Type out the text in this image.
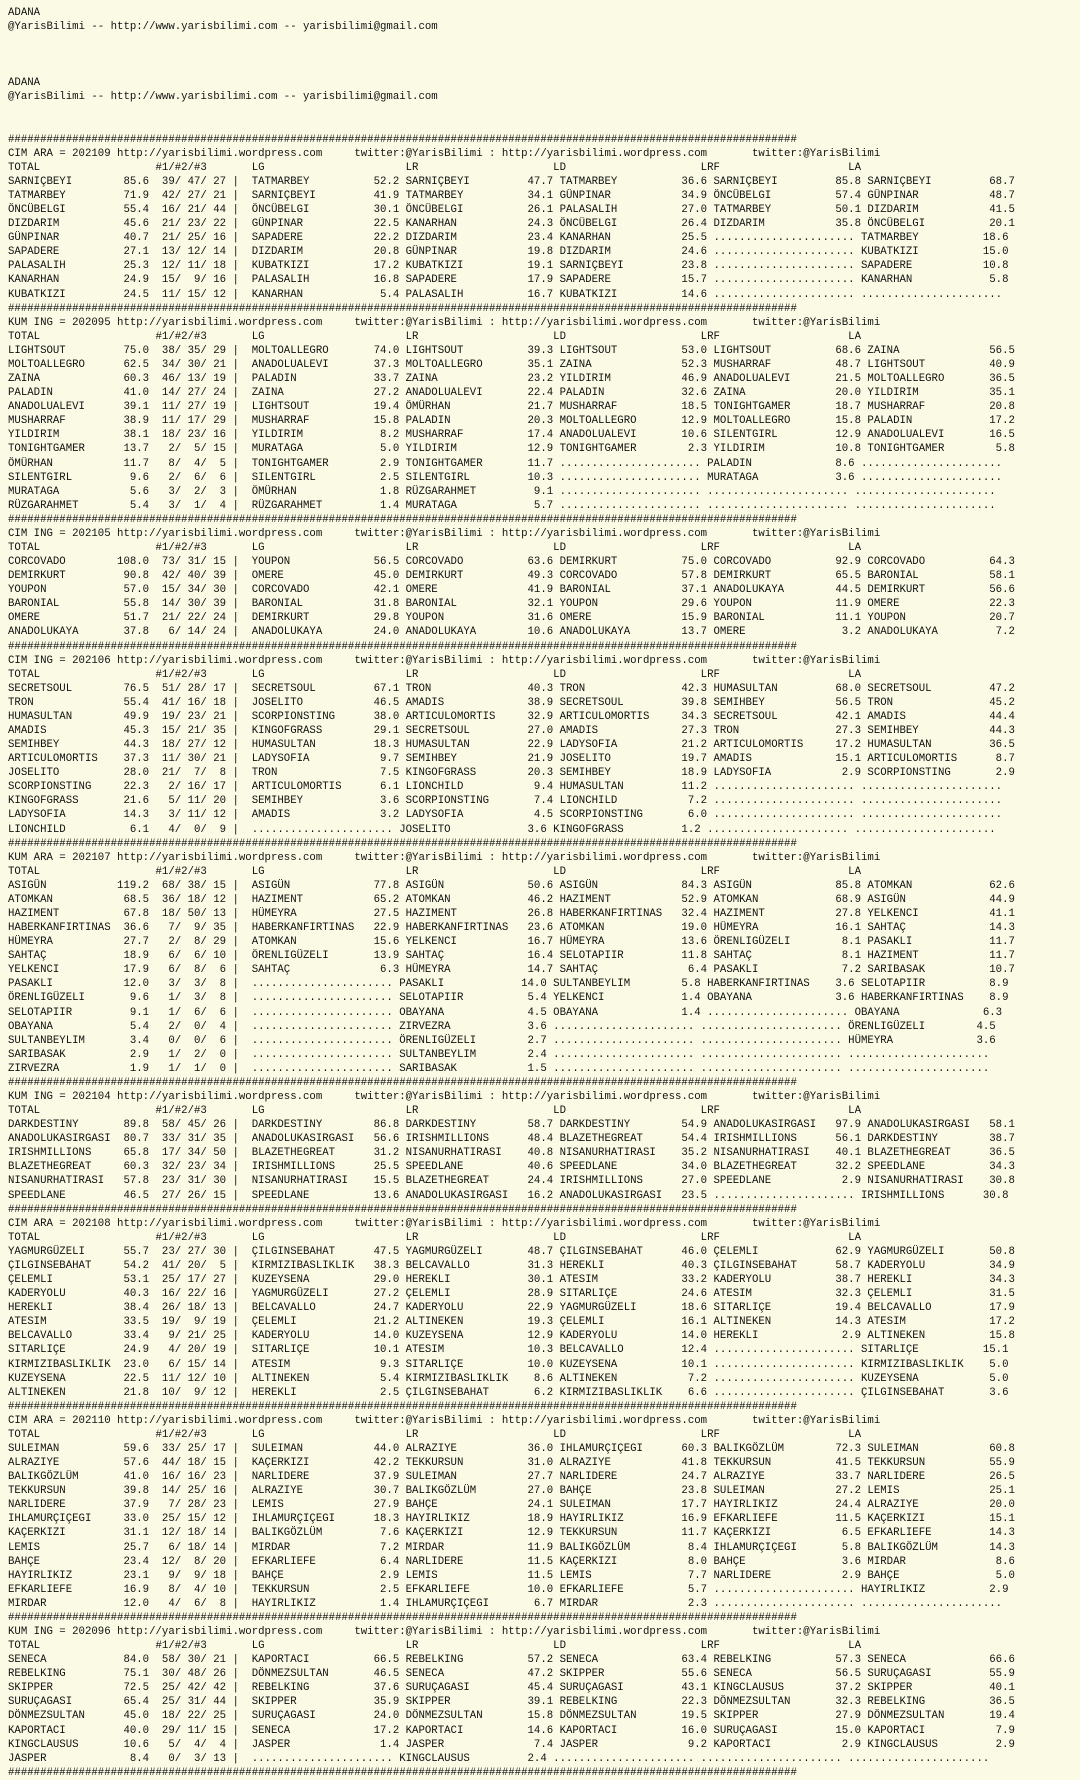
ADANA
@YarisBilimi -- http://www.yarisbilimi.com -- yarisbilimi@gmail.com

ADANA
@YarisBilimi -- http://www.yarisbilimi.com -- yarisbilimi@gmail.com

###########################################################################################################################
CIM ARA = 202109 http://yarisbilimi.wordpress.com     twitter:@YarisBilimi : http://yarisbilimi.wordpress.com       twitter:@YarisBilimi
TOTAL                  #1/#2/#3       LG                      LR                     LD                     LRF                    LA
SARNIÇBEYI        85.6  39/ 47/ 27 |  TATMARBEY          52.2 SARNIÇBEYI         47.7 TATMARBEY          36.6 SARNIÇBEYI         85.8 SARNIÇBEYI         68.7
TATMARBEY         71.9  42/ 27/ 21 |  SARNIÇBEYI         41.9 TATMARBEY          34.1 GÜNPINAR           34.9 ÖNCÜBELGI          57.4 GÜNPINAR           48.7
ÖNCÜBELGI         55.4  16/ 21/ 44 |  ÖNCÜBELGI          30.1 ÖNCÜBELGI          26.1 PALASALIH          27.0 TATMARBEY          50.1 DIZDARIM           41.5
DIZDARIM          45.6  21/ 23/ 22 |  GÜNPINAR           22.5 KANARHAN           24.3 ÖNCÜBELGI          26.4 DIZDARIM           35.8 ÖNCÜBELGI          20.1
GÜNPINAR          40.7  21/ 25/ 16 |  SAPADERE           22.2 DIZDARIM           23.4 KANARHAN           25.5 ...................... TATMARBEY          18.6
SAPADERE          27.1  13/ 12/ 14 |  DIZDARIM           20.8 GÜNPINAR           19.8 DIZDARIM           24.6 ...................... KUBATKIZI          15.0
PALASALIH         25.3  12/ 11/ 18 |  KUBATKIZI          17.2 KUBATKIZI          19.1 SARNIÇBEYI         23.8 ...................... SAPADERE           10.8
KANARHAN          24.9  15/  9/ 16 |  PALASALIH          16.8 SAPADERE           17.9 SAPADERE           15.7 ...................... KANARHAN            5.8
KUBATKIZI         24.5  11/ 15/ 12 |  KANARHAN            5.4 PALASALIH          16.7 KUBATKIZI          14.6 ...................... ......................
###########################################################################################################################
KUM ING = 202095 http://yarisbilimi.wordpress.com     twitter:@YarisBilimi : http://yarisbilimi.wordpress.com       twitter:@YarisBilimi
TOTAL                  #1/#2/#3       LG                      LR                     LD                     LRF                    LA
LIGHTSOUT         75.0  38/ 35/ 29 |  MOLTOALLEGRO       74.0 LIGHTSOUT          39.3 LIGHTSOUT          53.0 LIGHTSOUT          68.6 ZAINA              56.5
MOLTOALLEGRO      62.5  34/ 30/ 21 |  ANADOLUALEVI       37.3 MOLTOALLEGRO       35.1 ZAINA              52.3 MUSHARRAF          48.7 LIGHTSOUT          40.9
ZAINA             60.3  46/ 13/ 19 |  PALADIN            33.7 ZAINA              23.2 YILDIRIM           46.9 ANADOLUALEVI       21.5 MOLTOALLEGRO       36.5
PALADIN           41.0  14/ 27/ 24 |  ZAINA              27.2 ANADOLUALEVI       22.4 PALADIN            32.6 ZAINA              20.0 YILDIRIM           35.1
ANADOLUALEVI      39.1  11/ 27/ 19 |  LIGHTSOUT          19.4 ÖMÜRHAN            21.7 MUSHARRAF          18.5 TONIGHTGAMER       18.7 MUSHARRAF          20.8
MUSHARRAF         38.9  11/ 17/ 29 |  MUSHARRAF          15.8 PALADIN            20.3 MOLTOALLEGRO       12.9 MOLTOALLEGRO       15.8 PALADIN            17.2
YILDIRIM          38.1  18/ 23/ 16 |  YILDIRIM            8.2 MUSHARRAF          17.4 ANADOLUALEVI       10.6 SILENTGIRL         12.9 ANADOLUALEVI       16.5
TONIGHTGAMER      13.7   2/  5/ 15 |  MURATAGA            5.0 YILDIRIM           12.9 TONIGHTGAMER        2.3 YILDIRIM           10.8 TONIGHTGAMER        5.8
ÖMÜRHAN           11.7   8/  4/  5 |  TONIGHTGAMER        2.9 TONIGHTGAMER       11.7 ...................... PALADIN             8.6 ......................
SILENTGIRL         9.6   2/  6/  6 |  SILENTGIRL          2.5 SILENTGIRL         10.3 ...................... MURATAGA            3.6 ......................
MURATAGA           5.6   3/  2/  3 |  ÖMÜRHAN             1.8 RÜZGARAHMET         9.1 ...................... ...................... ......................
RÜZGARAHMET        5.4   3/  1/  4 |  RÜZGARAHMET         1.4 MURATAGA            5.7 ...................... ...................... ......................
###########################################################################################################################
CIM ING = 202105 http://yarisbilimi.wordpress.com     twitter:@YarisBilimi : http://yarisbilimi.wordpress.com       twitter:@YarisBilimi
TOTAL                  #1/#2/#3       LG                      LR                     LD                     LRF                    LA
CORCOVADO        108.0  73/ 31/ 15 |  YOUPON             56.5 CORCOVADO          63.6 DEMIRKURT          75.0 CORCOVADO          92.9 CORCOVADO          64.3
DEMIRKURT         90.8  42/ 40/ 39 |  OMERE              45.0 DEMIRKURT          49.3 CORCOVADO          57.8 DEMIRKURT          65.5 BARONIAL           58.1
YOUPON            57.0  15/ 34/ 30 |  CORCOVADO          42.1 OMERE              41.9 BARONIAL           37.1 ANADOLUKAYA        44.5 DEMIRKURT          56.6
BARONIAL          55.8  14/ 30/ 39 |  BARONIAL           31.8 BARONIAL           32.1 YOUPON             29.6 YOUPON             11.9 OMERE              22.3
OMERE             51.7  21/ 22/ 24 |  DEMIRKURT          29.8 YOUPON             31.6 OMERE              15.9 BARONIAL           11.1 YOUPON             20.7
ANADOLUKAYA       37.8   6/ 14/ 24 |  ANADOLUKAYA        24.0 ANADOLUKAYA        10.6 ANADOLUKAYA        13.7 OMERE               3.2 ANADOLUKAYA         7.2
###########################################################################################################################
CIM ING = 202106 http://yarisbilimi.wordpress.com     twitter:@YarisBilimi : http://yarisbilimi.wordpress.com       twitter:@YarisBilimi
TOTAL                  #1/#2/#3       LG                      LR                     LD                     LRF                    LA
SECRETSOUL        76.5  51/ 28/ 17 |  SECRETSOUL         67.1 TRON               40.3 TRON               42.3 HUMASULTAN         68.0 SECRETSOUL         47.2
TRON              55.4  41/ 16/ 18 |  JOSELITO           46.5 AMADIS             38.9 SECRETSOUL         39.8 SEMIHBEY           56.5 TRON               45.2
HUMASULTAN        49.9  19/ 23/ 21 |  SCORPIONSTING      38.0 ARTICULOMORTIS     32.9 ARTICULOMORTIS     34.3 SECRETSOUL         42.1 AMADIS             44.4
AMADIS            45.3  15/ 21/ 35 |  KINGOFGRASS        29.1 SECRETSOUL         27.0 AMADIS             27.3 TRON               27.3 SEMIHBEY           44.3
SEMIHBEY          44.3  18/ 27/ 12 |  HUMASULTAN         18.3 HUMASULTAN         22.9 LADYSOFIA          21.2 ARTICULOMORTIS     17.2 HUMASULTAN         36.5
ARTICULOMORTIS    37.3  11/ 30/ 21 |  LADYSOFIA           9.7 SEMIHBEY           21.9 JOSELITO           19.7 AMADIS             15.1 ARTICULOMORTIS      8.7
JOSELITO          28.0  21/  7/  8 |  TRON                7.5 KINGOFGRASS        20.3 SEMIHBEY           18.9 LADYSOFIA           2.9 SCORPIONSTING       2.9
SCORPIONSTING     22.3   2/ 16/ 17 |  ARTICULOMORTIS      6.1 LIONCHILD           9.4 HUMASULTAN         11.2 ...................... ......................
KINGOFGRASS       21.6   5/ 11/ 20 |  SEMIHBEY            3.6 SCORPIONSTING       7.4 LIONCHILD           7.2 ...................... ......................
LADYSOFIA         14.3   3/ 11/ 12 |  AMADIS              3.2 LADYSOFIA           4.5 SCORPIONSTING       6.0 ...................... ......................
LIONCHILD          6.1   4/  0/  9 |  ...................... JOSELITO            3.6 KINGOFGRASS         1.2 ...................... ......................
###########################################################################################################################
KUM ARA = 202107 http://yarisbilimi.wordpress.com     twitter:@YarisBilimi : http://yarisbilimi.wordpress.com       twitter:@YarisBilimi
TOTAL                  #1/#2/#3       LG                      LR                     LD                     LRF                    LA
ASIGÜN           119.2  68/ 38/ 15 |  ASIGÜN             77.8 ASIGÜN             50.6 ASIGÜN             84.3 ASIGÜN             85.8 ATOMKAN            62.6
ATOMKAN           68.5  36/ 18/ 12 |  HAZIMENT           65.2 ATOMKAN            46.2 HAZIMENT           52.9 ATOMKAN            68.9 ASIGÜN             44.9
HAZIMENT          67.8  18/ 50/ 13 |  HÜMEYRA            27.5 HAZIMENT           26.8 HABERKANFIRTINAS   32.4 HAZIMENT           27.8 YELKENCI           41.1
HABERKANFIRTINAS  36.6   7/  9/ 35 |  HABERKANFIRTINAS   22.9 HABERKANFIRTINAS   23.6 ATOMKAN            19.0 HÜMEYRA            16.1 SAHTAÇ             14.3
HÜMEYRA           27.7   2/  8/ 29 |  ATOMKAN            15.6 YELKENCI           16.7 HÜMEYRA            13.6 ÖRENLIGÜZELI        8.1 PASAKLI            11.7
SAHTAÇ            18.9   6/  6/ 10 |  ÖRENLIGÜZELI       13.9 SAHTAÇ             16.4 SELOTAPIIR         11.8 SAHTAÇ              8.1 HAZIMENT           11.7
YELKENCI          17.9   6/  8/  6 |  SAHTAÇ              6.3 HÜMEYRA            14.7 SAHTAÇ              6.4 PASAKLI             7.2 SARIBASAK          10.7
PASAKLI           12.0   3/  3/  8 |  ...................... PASAKLI            14.0 SULTANBEYLIM        5.8 HABERKANFIRTINAS    3.6 SELOTAPIIR          8.9
ÖRENLIGÜZELI       9.6   1/  3/  8 |  ...................... SELOTAPIIR          5.4 YELKENCI            1.4 OBAYANA             3.6 HABERKANFIRTINAS    8.9
SELOTAPIIR         9.1   1/  6/  6 |  ...................... OBAYANA             4.5 OBAYANA             1.4 ...................... OBAYANA             6.3
OBAYANA            5.4   2/  0/  4 |  ...................... ZIRVEZRA            3.6 ...................... ...................... ÖRENLIGÜZELI        4.5
SULTANBEYLIM       3.4   0/  0/  6 |  ...................... ÖRENLIGÜZELI        2.7 ...................... ...................... HÜMEYRA             3.6
SARIBASAK          2.9   1/  2/  0 |  ...................... SULTANBEYLIM        2.4 ...................... ...................... ......................
ZIRVEZRA           1.9   1/  1/  0 |  ...................... SARIBASAK           1.5 ...................... ...................... ......................
###########################################################################################################################
KUM ING = 202104 http://yarisbilimi.wordpress.com     twitter:@YarisBilimi : http://yarisbilimi.wordpress.com       twitter:@YarisBilimi
TOTAL                  #1/#2/#3       LG                      LR                     LD                     LRF                    LA
DARKDESTINY       89.8  58/ 45/ 26 |  DARKDESTINY        86.8 DARKDESTINY        58.7 DARKDESTINY        54.9 ANADOLUKASIRGASI   97.9 ANADOLUKASIRGASI   58.1
ANADOLUKASIRGASI  80.7  33/ 31/ 35 |  ANADOLUKASIRGASI   56.6 IRISHMILLIONS      48.4 BLAZETHEGREAT      54.4 IRISHMILLIONS      56.1 DARKDESTINY        38.7
IRISHMILLIONS     65.8  17/ 34/ 50 |  BLAZETHEGREAT      31.2 NISANURHATIRASI    40.8 NISANURHATIRASI    35.2 NISANURHATIRASI    40.1 BLAZETHEGREAT      36.5
BLAZETHEGREAT     60.3  32/ 23/ 34 |  IRISHMILLIONS      25.5 SPEEDLANE          40.6 SPEEDLANE          34.0 BLAZETHEGREAT      32.2 SPEEDLANE          34.3
NISANURHATIRASI   57.8  23/ 31/ 30 |  NISANURHATIRASI    15.5 BLAZETHEGREAT      24.4 IRISHMILLIONS      27.0 SPEEDLANE           2.9 NISANURHATIRASI    30.8
SPEEDLANE         46.5  27/ 26/ 15 |  SPEEDLANE          13.6 ANADOLUKASIRGASI   16.2 ANADOLUKASIRGASI   23.5 ...................... IRISHMILLIONS      30.8
###########################################################################################################################
CIM ARA = 202108 http://yarisbilimi.wordpress.com     twitter:@YarisBilimi : http://yarisbilimi.wordpress.com       twitter:@YarisBilimi
TOTAL                  #1/#2/#3       LG                      LR                     LD                     LRF                    LA
YAGMURGÜZELI      55.7  23/ 27/ 30 |  ÇILGINSEBAHAT      47.5 YAGMURGÜZELI       48.7 ÇILGINSEBAHAT      46.0 ÇELEMLI            62.9 YAGMURGÜZELI       50.8
ÇILGINSEBAHAT     54.2  41/ 20/  5 |  KIRMIZIBASLIKLIK   38.3 BELCAVALLO         31.3 HEREKLI            40.3 ÇILGINSEBAHAT      58.7 KADERYOLU          34.9
ÇELEMLI           53.1  25/ 17/ 27 |  KUZEYSENA          29.0 HEREKLI            30.1 ATESIM             33.2 KADERYOLU          38.7 HEREKLI            34.3
KADERYOLU         40.3  16/ 22/ 16 |  YAGMURGÜZELI       27.2 ÇELEMLI            28.9 SITARLIÇE          24.6 ATESIM             32.3 ÇELEMLI            31.5
HEREKLI           38.4  26/ 18/ 13 |  BELCAVALLO         24.7 KADERYOLU          22.9 YAGMURGÜZELI       18.6 SITARLIÇE          19.4 BELCAVALLO         17.9
ATESIM            33.5  19/  9/ 19 |  ÇELEMLI            21.2 ALTINEKEN          19.3 ÇELEMLI            16.1 ALTINEKEN          14.3 ATESIM             17.2
BELCAVALLO        33.4   9/ 21/ 25 |  KADERYOLU          14.0 KUZEYSENA          12.9 KADERYOLU          14.0 HEREKLI             2.9 ALTINEKEN          15.8
SITARLIÇE         24.9   4/ 20/ 19 |  SITARLIÇE          10.1 ATESIM             10.3 BELCAVALLO         12.4 ...................... SITARLIÇE          15.1
KIRMIZIBASLIKLIK  23.0   6/ 15/ 14 |  ATESIM              9.3 SITARLIÇE          10.0 KUZEYSENA          10.1 ...................... KIRMIZIBASLIKLIK    5.0
KUZEYSENA         22.5  11/ 12/ 10 |  ALTINEKEN           5.4 KIRMIZIBASLIKLIK    8.6 ALTINEKEN           7.2 ...................... KUZEYSENA           5.0
ALTINEKEN         21.8  10/  9/ 12 |  HEREKLI             2.5 ÇILGINSEBAHAT       6.2 KIRMIZIBASLIKLIK    6.6 ...................... ÇILGINSEBAHAT       3.6
###########################################################################################################################
CIM ARA = 202110 http://yarisbilimi.wordpress.com     twitter:@YarisBilimi : http://yarisbilimi.wordpress.com       twitter:@YarisBilimi
TOTAL                  #1/#2/#3       LG                      LR                     LD                     LRF                    LA
SULEIMAN          59.6  33/ 25/ 17 |  SULEIMAN           44.0 ALRAZIYE           36.0 IHLAMURÇIÇEGI      60.3 BALIKGÖZLÜM        72.3 SULEIMAN           60.8
ALRAZIYE          57.6  44/ 18/ 15 |  KAÇERKIZI          42.2 TEKKURSUN          31.0 ALRAZIYE           41.8 TEKKURSUN          41.5 TEKKURSUN          55.9
BALIKGÖZLÜM       41.0  16/ 16/ 23 |  NARLIDERE          37.9 SULEIMAN           27.7 NARLIDERE          24.7 ALRAZIYE           33.7 NARLIDERE          26.5
TEKKURSUN         39.8  14/ 25/ 16 |  ALRAZIYE           30.7 BALIKGÖZLÜM        27.0 BAHÇE              23.8 SULEIMAN           27.2 LEMIS              25.1
NARLIDERE         37.9   7/ 28/ 23 |  LEMIS              27.9 BAHÇE              24.1 SULEIMAN           17.7 HAYIRLIKIZ         24.4 ALRAZIYE           20.0
IHLAMURÇIÇEGI     33.0  25/ 15/ 12 |  IHLAMURÇIÇEGI      18.3 HAYIRLIKIZ         18.9 HAYIRLIKIZ         16.9 EFKARLIEFE         11.5 KAÇERKIZI          15.1
KAÇERKIZI         31.1  12/ 18/ 14 |  BALIKGÖZLÜM         7.6 KAÇERKIZI          12.9 TEKKURSUN          11.7 KAÇERKIZI           6.5 EFKARLIEFE         14.3
LEMIS             25.7   6/ 18/ 14 |  MIRDAR              7.2 MIRDAR             11.9 BALIKGÖZLÜM         8.4 IHLAMURÇIÇEGI       5.8 BALIKGÖZLÜM        14.3
BAHÇE             23.4  12/  8/ 20 |  EFKARLIEFE          6.4 NARLIDERE          11.5 KAÇERKIZI           8.0 BAHÇE               3.6 MIRDAR              8.6
HAYIRLIKIZ        23.1   9/  9/ 18 |  BAHÇE               2.9 LEMIS              11.5 LEMIS               7.7 NARLIDERE           2.9 BAHÇE               5.0
EFKARLIEFE        16.9   8/  4/ 10 |  TEKKURSUN           2.5 EFKARLIEFE         10.0 EFKARLIEFE          5.7 ...................... HAYIRLIKIZ          2.9
MIRDAR            12.0   4/  6/  8 |  HAYIRLIKIZ          1.4 IHLAMURÇIÇEGI       6.7 MIRDAR              2.3 ...................... ......................
###########################################################################################################################
KUM ING = 202096 http://yarisbilimi.wordpress.com     twitter:@YarisBilimi : http://yarisbilimi.wordpress.com       twitter:@YarisBilimi
TOTAL                  #1/#2/#3       LG                      LR                     LD                     LRF                    LA
SENECA            84.0  58/ 30/ 21 |  KAPORTACI          66.5 REBELKING          57.2 SENECA             63.4 REBELKING          57.3 SENECA             66.6
REBELKING         75.1  30/ 48/ 26 |  DÖNMEZSULTAN       46.5 SENECA             47.2 SKIPPER            55.6 SENECA             56.5 SURUÇAGASI         55.9
SKIPPER           72.5  25/ 42/ 42 |  REBELKING          37.6 SURUÇAGASI         45.4 SURUÇAGASI         43.1 KINGCLAUSUS        37.2 SKIPPER            40.1
SURUÇAGASI        65.4  25/ 31/ 44 |  SKIPPER            35.9 SKIPPER            39.1 REBELKING          22.3 DÖNMEZSULTAN       32.3 REBELKING          36.5
DÖNMEZSULTAN      45.0  18/ 22/ 25 |  SURUÇAGASI         24.0 DÖNMEZSULTAN       15.8 DÖNMEZSULTAN       19.5 SKIPPER            27.9 DÖNMEZSULTAN       19.4
KAPORTACI         40.0  29/ 11/ 15 |  SENECA             17.2 KAPORTACI          14.6 KAPORTACI          16.0 SURUÇAGASI         15.0 KAPORTACI           7.9
KINGCLAUSUS       10.6   5/  4/  4 |  JASPER              1.4 JASPER              7.4 JASPER              9.2 KAPORTACI           2.9 KINGCLAUSUS         2.9
JASPER             8.4   0/  3/ 13 |  ...................... KINGCLAUSUS         2.4 ...................... ...................... ......................
###########################################################################################################################
